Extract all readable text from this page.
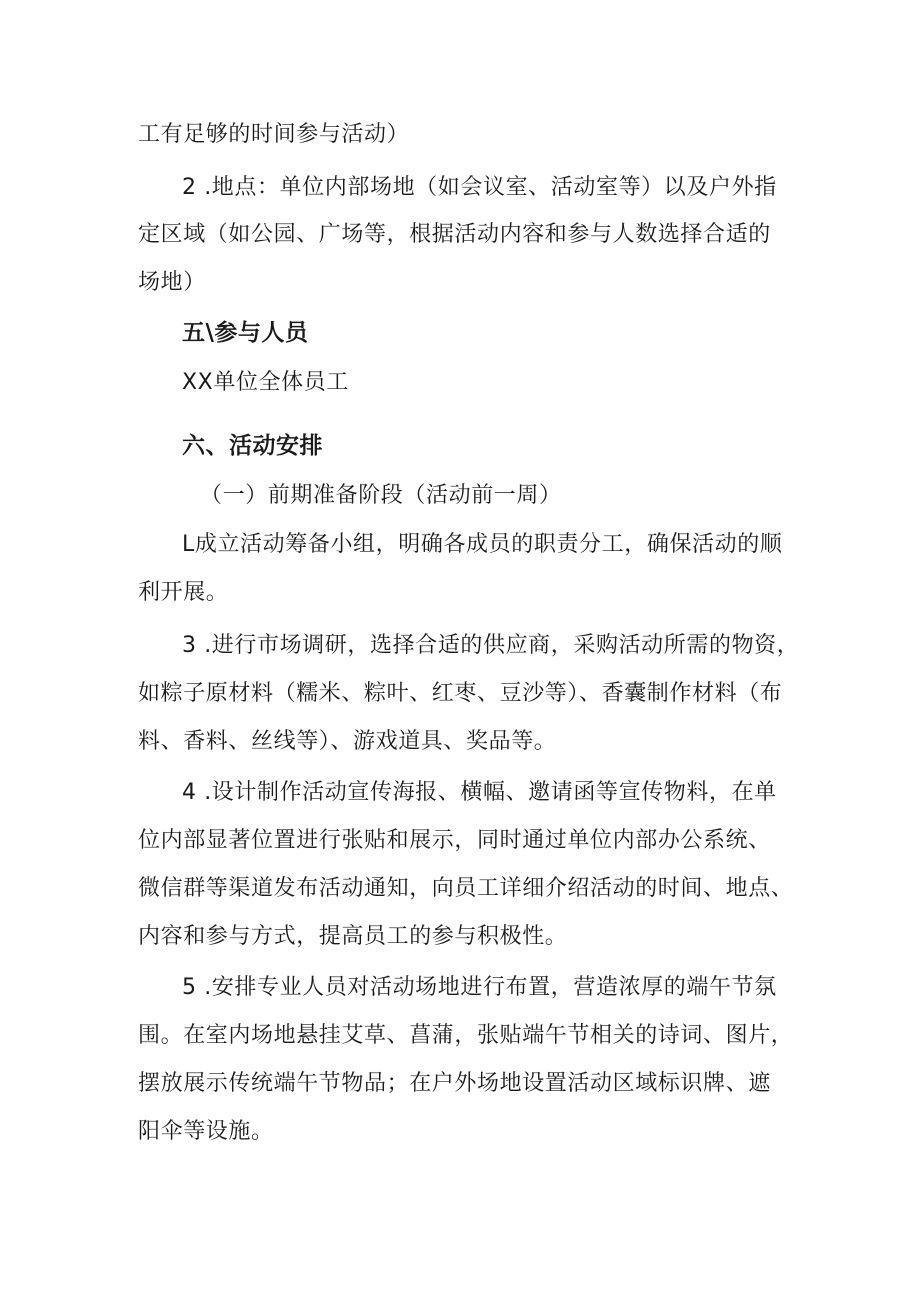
工有足够的时间参与活动）

2 .地点：单位内部场地（如会议室、活动室等）以及户外指

定区域（如公园、广场等，根据活动内容和参与人数选择合适的

场地）

五\参与人员

XX单位全体员工

六、活动安排

（一）前期准备阶段（活动前一周）

L成立活动筹备小组，明确各成员的职责分工，确保活动的顺

利开展。

3 .进行市场调研，选择合适的供应商，采购活动所需的物资，

如粽子原材料（糯米、粽叶、红枣、豆沙等）、香囊制作材料（布

料、香料、丝线等）、游戏道具、奖品等。

4 .设计制作活动宣传海报、横幅、邀请函等宣传物料，在单

位内部显著位置进行张贴和展示，同时通过单位内部办公系统、

微信群等渠道发布活动通知，向员工详细介绍活动的时间、地点、

内容和参与方式，提高员工的参与积极性。

5 .安排专业人员对活动场地进行布置，营造浓厚的端午节氛

围。在室内场地悬挂艾草、菖蒲，张贴端午节相关的诗词、图片，

摆放展示传统端午节物品；在户外场地设置活动区域标识牌、遮

阳伞等设施。
